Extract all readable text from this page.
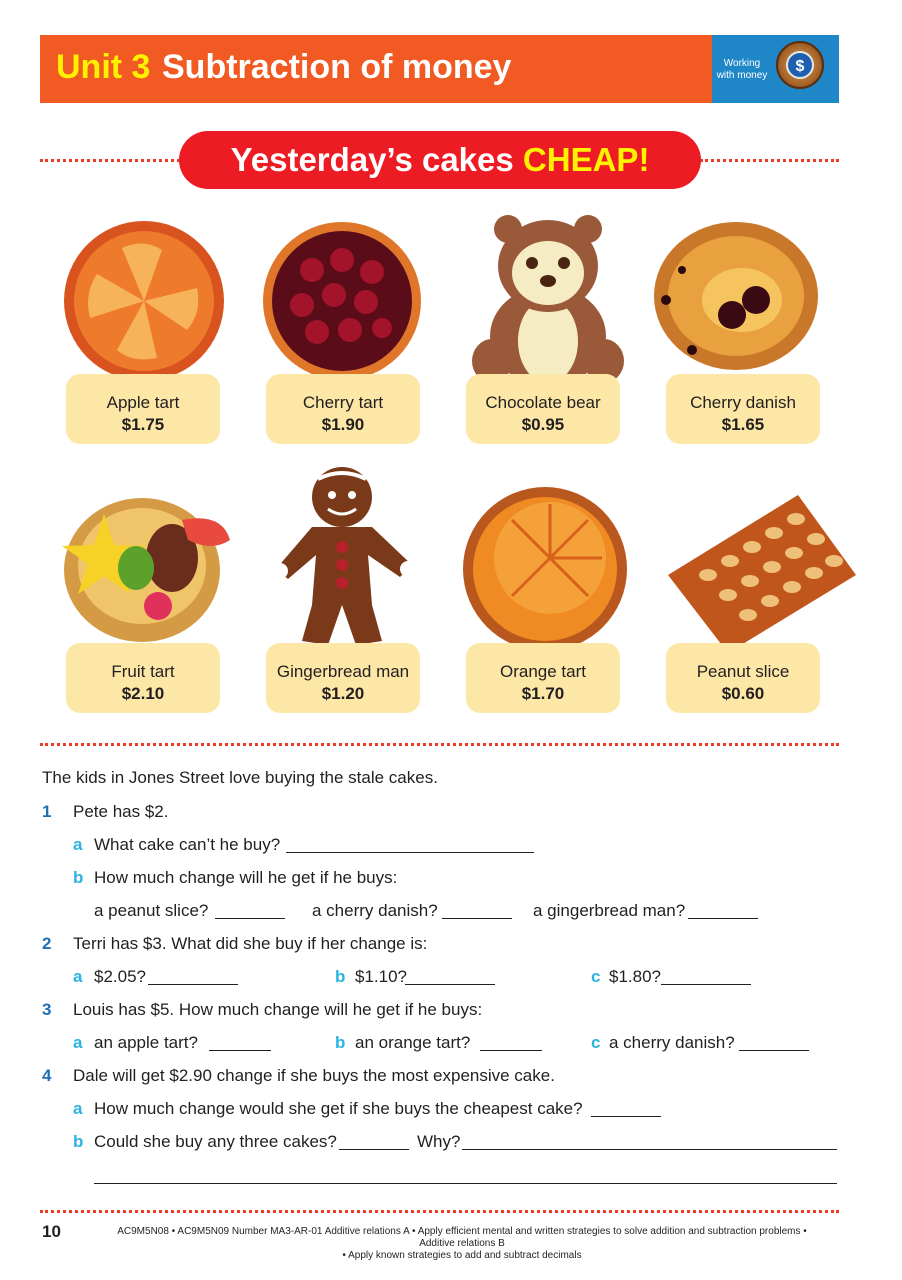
Unit 3 Subtraction of money	Working with money
$
Yesterday’s cakes CHEAP!
Apple tart
$1.75
Cherry tart
$1.90
Chocolate bear
$0.95
Cherry danish
$1.65
Fruit tart
$2.10
Gingerbread man
$1.20
Orange tart
$1.70
Peanut slice
$0.60
The kids in Jones Street love buying the stale cakes.
1 Pete has $2.
a What cake can’t he buy?
b How much change will he get if he buys:
a peanut slice?	a cherry danish?	a gingerbread man?
2 Terri has $3. What did she buy if her change is:
a $2.05?	b $1.10?	c $1.80?
3 Louis has $5. How much change will he get if he buys:
a an apple tart?	b an orange tart?	c a cherry danish?
4 Dale will get $2.90 change if she buys the most expensive cake.
a How much change would she get if she buys the cheapest cake?
b Could she buy any three cakes?	Why?
10	AC9M5N08 • AC9M5N09 Number MA3-AR-01 Additive relations A • Apply efficient mental and written strategies to solve addition and subtraction problems • Additive relations B
• Apply known strategies to add and subtract decimals
